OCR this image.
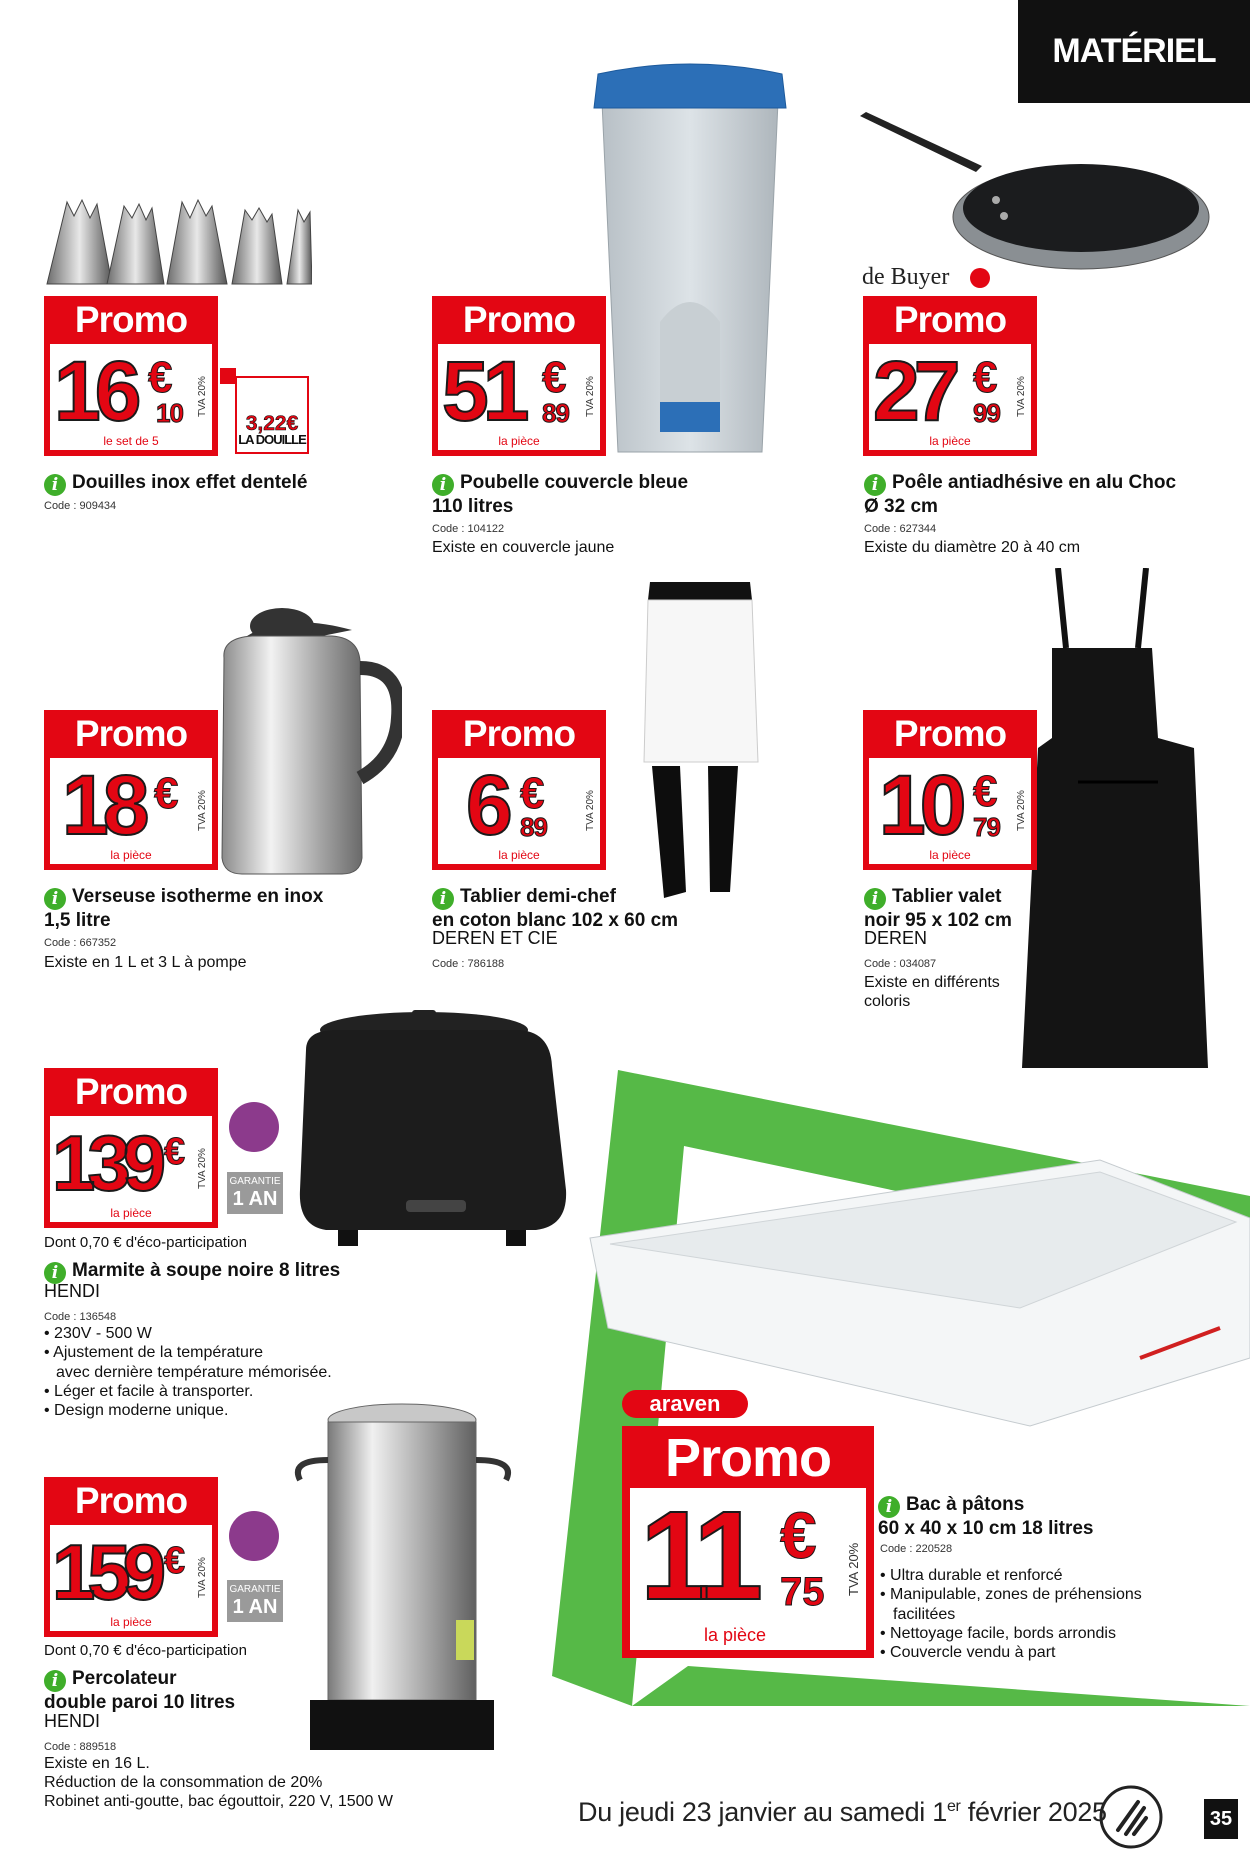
MATÉRIEL
Promo
16 €
10
le set de 5
TVA 20%
3,22€
LA DOUILLE
i Douilles inox effet dentelé
Code : 909434
Promo
51 €
89
la pièce
TVA 20%
i Poubelle couvercle bleue
110 litres
Code : 104122
Existe en couvercle jaune
de Buyer
Promo
27 €
99
la pièce
TVA 20%
i Poêle antiadhésive en alu Choc
Ø 32 cm
Code : 627344
Existe du diamètre 20 à 40 cm
Promo
18 €
la pièce
TVA 20%
i Verseuse isotherme en inox
1,5 litre
Code : 667352
Existe en 1 L et 3 L à pompe
Promo
6 €
89
la pièce
TVA 20%
i Tablier demi-chef
en coton blanc 102 x 60 cm
DEREN ET CIE
Code : 786188
Promo
10 €
79
la pièce
TVA 20%
i Tablier valet
noir 95 x 102 cm
DEREN
Code : 034087
Existe en différents
coloris
Promo
139 €
la pièce
TVA 20%	GARANTIE
1 AN
Dont 0,70 € d'éco-participation
i Marmite à soupe noire 8 litres
HENDI
Code : 136548
• 230V - 500 W
• Ajustement de la température
avec dernière température mémorisée.
• Léger et facile à transporter.
• Design moderne unique.
Promo
159 €
la pièce
TVA 20%	GARANTIE
1 AN
Dont 0,70 € d'éco-participation
i Percolateur
double paroi 10 litres
HENDI
Code : 889518
Existe en 16 L.
Réduction de la consommation de 20%
Robinet anti-goutte, bac égouttoir, 220 V, 1500 W
araven
Promo
11 €
75
la pièce
TVA 20%
i Bac à pâtons
60 x 40 x 10 cm 18 litres
Code : 220528
• Ultra durable et renforcé
• Manipulable, zones de préhensions
facilitées
• Nettoyage facile, bords arrondis
• Couvercle vendu à part
Du jeudi 23 janvier au samedi 1er février 2025	35
